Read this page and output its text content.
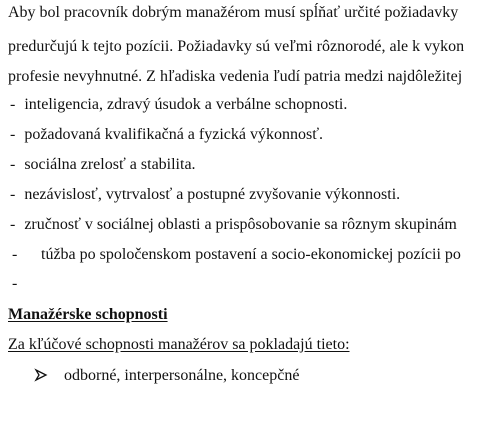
Aby bol pracovník dobrým manažérom musí spĺňať určité požiadavky
predurčujú k tejto pozícii. Požiadavky sú veľmi rôznorodé, ale k vykon
profesie nevyhnutné. Z hľadiska vedenia ľudí patria medzi najdôležitej
- inteligencia, zdravý úsudok a verbálne schopnosti.
- požadovaná kvalifikačná a fyzická výkonnosť.
- sociálna zrelosť a stabilita.
- nezávislosť, vytrvalosť a postupné zvyšovanie výkonnosti.
- zručnosť v sociálnej oblasti a prispôsobovanie sa rôznym skupinám
- túžba po spoločenskom postavení a socio-ekonomickej pozícii po
-
Manažérske schopnosti
Za kľúčové schopnosti manažérov sa pokladajú tieto:
odborné, interpersonálne, koncepčné
